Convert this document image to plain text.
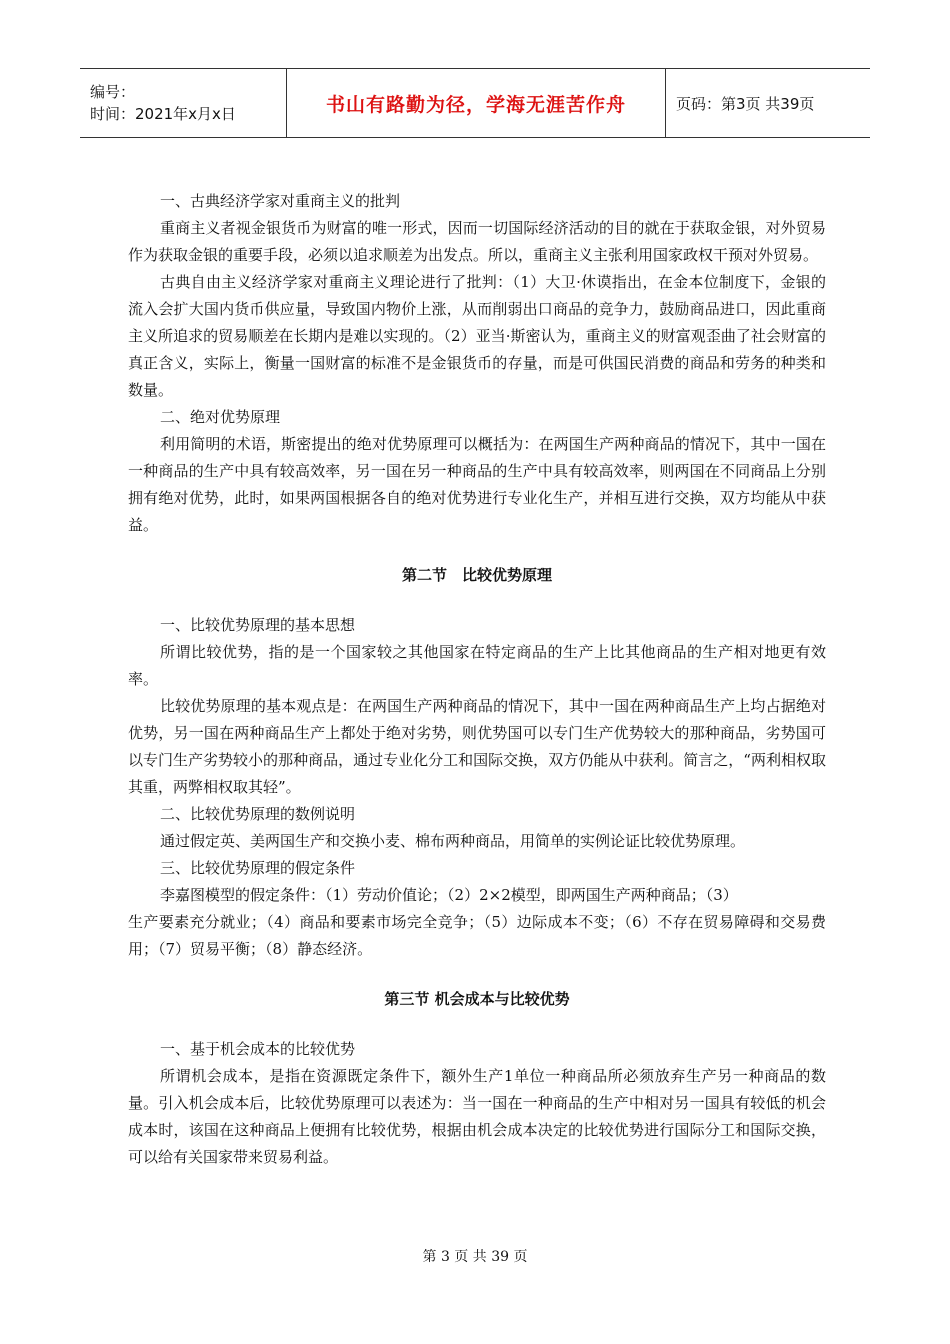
编号：
时间：2021年x月x日	书山有路勤为径，学海无涯苦作舟	页码：第3页 共39页

一、古典经济学家对重商主义的批判

重商主义者视金银货币为财富的唯一形式，因而一切国际经济活动的目的就在于获取金银，对外贸易作为获取金银的重要手段，必须以追求顺差为出发点。所以，重商主义主张利用国家政权干预对外贸易。

古典自由主义经济学家对重商主义理论进行了批判：（1）大卫·休谟指出，在金本位制度下，金银的流入会扩大国内货币供应量，导致国内物价上涨，从而削弱出口商品的竞争力，鼓励商品进口，因此重商主义所追求的贸易顺差在长期内是难以实现的。（2）亚当·斯密认为，重商主义的财富观歪曲了社会财富的真正含义，实际上，衡量一国财富的标准不是金银货币的存量，而是可供国民消费的商品和劳务的种类和数量。

二、绝对优势原理

利用简明的术语，斯密提出的绝对优势原理可以概括为：在两国生产两种商品的情况下，其中一国在一种商品的生产中具有较高效率，另一国在另一种商品的生产中具有较高效率，则两国在不同商品上分别拥有绝对优势，此时，如果两国根据各自的绝对优势进行专业化生产，并相互进行交换，双方均能从中获益。

第二节　比较优势原理

一、比较优势原理的基本思想

所谓比较优势，指的是一个国家较之其他国家在特定商品的生产上比其他商品的生产相对地更有效率。

比较优势原理的基本观点是：在两国生产两种商品的情况下，其中一国在两种商品生产上均占据绝对优势，另一国在两种商品生产上都处于绝对劣势，则优势国可以专门生产优势较大的那种商品，劣势国可以专门生产劣势较小的那种商品，通过专业化分工和国际交换，双方仍能从中获利。简言之，“两利相权取其重，两弊相权取其轻”。

二、比较优势原理的数例说明

通过假定英、美两国生产和交换小麦、棉布两种商品，用简单的实例论证比较优势原理。

三、比较优势原理的假定条件

李嘉图模型的假定条件：（1）劳动价值论；（2）2×2模型，即两国生产两种商品；（3）

生产要素充分就业；（4）商品和要素市场完全竞争；（5）边际成本不变；（6）不存在贸易障碍和交易费用；（7）贸易平衡；（8）静态经济。

第三节 机会成本与比较优势

一、基于机会成本的比较优势

所谓机会成本，是指在资源既定条件下，额外生产1单位一种商品所必须放弃生产另一种商品的数量。引入机会成本后，比较优势原理可以表述为：当一国在一种商品的生产中相对另一国具有较低的机会成本时，该国在这种商品上便拥有比较优势，根据由机会成本决定的比较优势进行国际分工和国际交换，可以给有关国家带来贸易利益。

第 3 页 共 39 页
